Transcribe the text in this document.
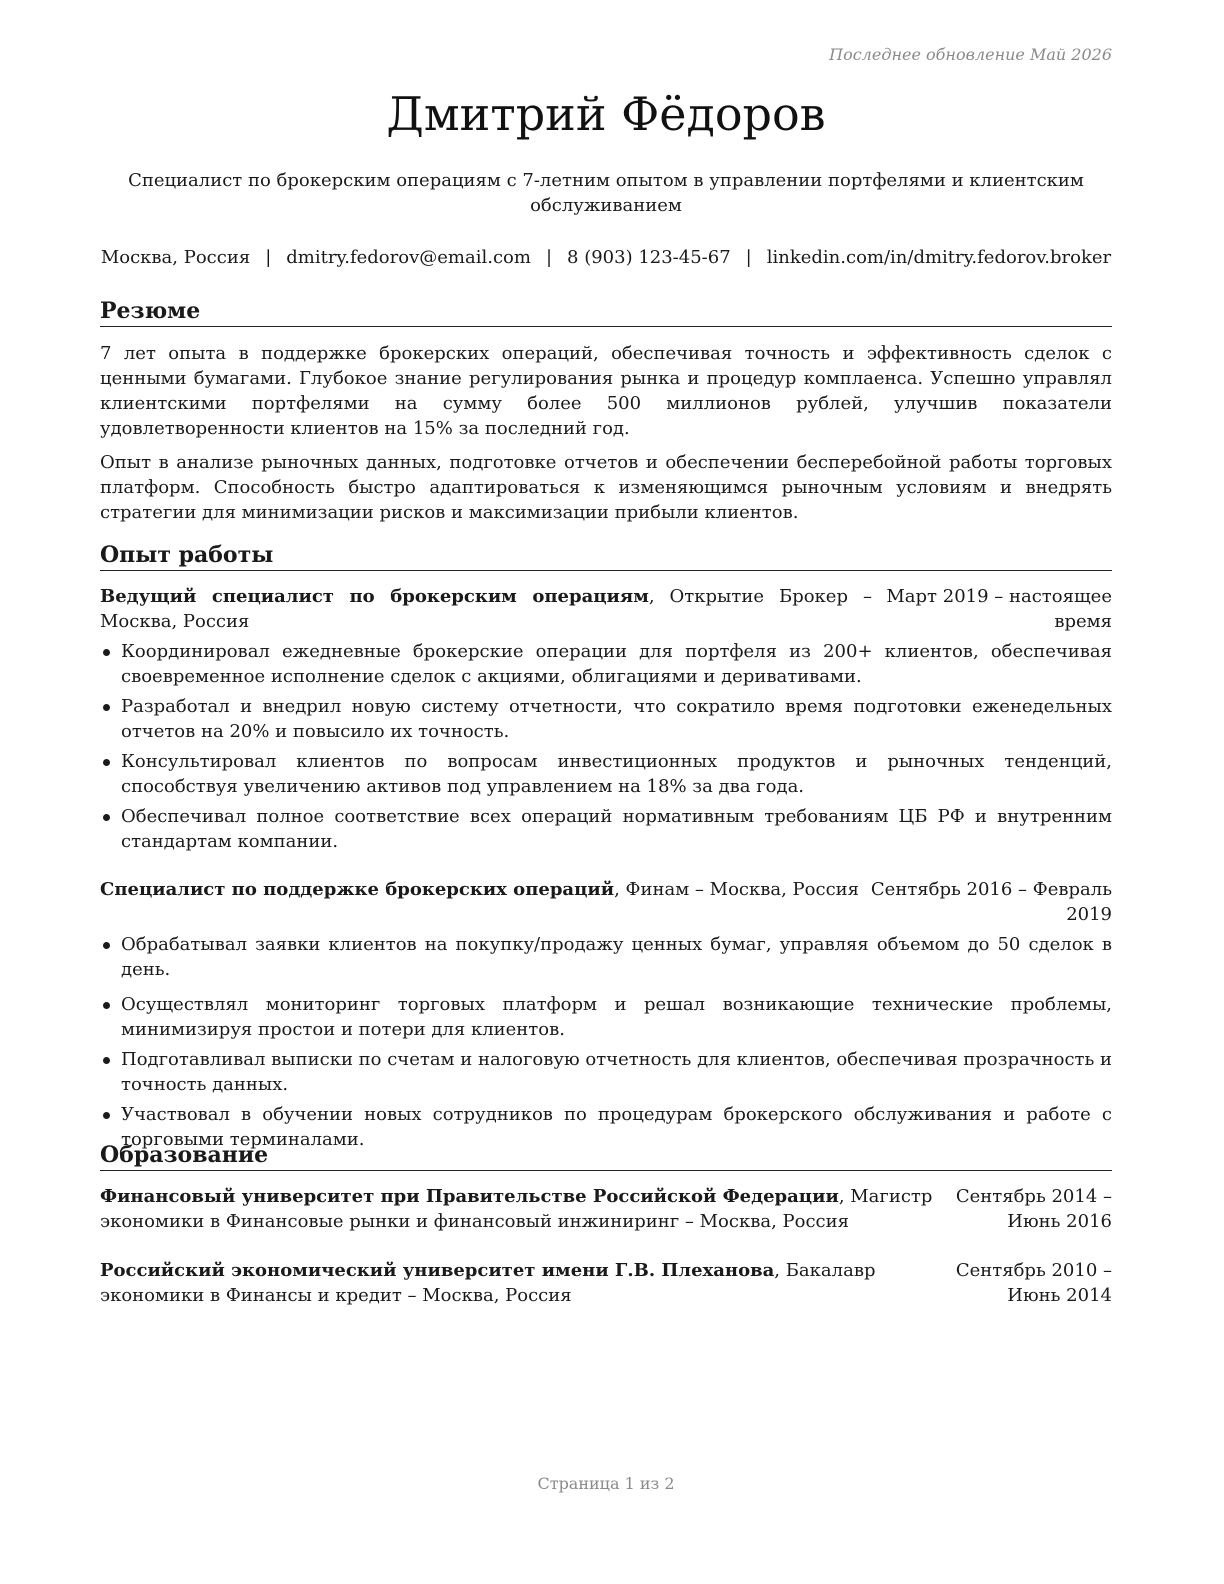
Последнее обновление Май 2026
Дмитрий Фёдоров
Специалист по брокерским операциям с 7-летним опытом в управлении портфелями и клиентским обслуживанием
Москва, Россия | dmitry.fedorov@email.com | 8 (903) 123-45-67 | linkedin.com/in/dmitry.fedorov.broker
Резюме
7 лет опыта в поддержке брокерских операций, обеспечивая точность и эффективность сделок с ценными бумагами. Глубокое знание регулирования рынка и процедур комплаенса. Успешно управлял клиентскими портфелями на сумму более 500 миллионов рублей, улучшив показатели удовлетворенности клиентов на 15% за последний год.
Опыт в анализе рыночных данных, подготовке отчетов и обеспечении бесперебойной работы торговых платформ. Способность быстро адаптироваться к изменяющимся рыночным условиям и внедрять стратегии для минимизации рисков и максимизации прибыли клиентов.
Опыт работы
Ведущий специалист по брокерским операциям, Открытие Брокер – Москва, Россия
Март 2019 – настоящее время
Координировал ежедневные брокерские операции для портфеля из 200+ клиентов, обеспечивая своевременное исполнение сделок с акциями, облигациями и деривативами.
Разработал и внедрил новую систему отчетности, что сократило время подготовки еженедельных отчетов на 20% и повысило их точность.
Консультировал клиентов по вопросам инвестиционных продуктов и рыночных тенденций, способствуя увеличению активов под управлением на 18% за два года.
Обеспечивал полное соответствие всех операций нормативным требованиям ЦБ РФ и внутренним стандартам компании.
Специалист по поддержке брокерских операций, Финам – Москва, Россия Сентябрь 2016 – Февраль 2019
Обрабатывал заявки клиентов на покупку/продажу ценных бумаг, управляя объемом до 50 сделок в день.
Осуществлял мониторинг торговых платформ и решал возникающие технические проблемы, минимизируя простои и потери для клиентов.
Подготавливал выписки по счетам и налоговую отчетность для клиентов, обеспечивая прозрачность и точность данных.
Участвовал в обучении новых сотрудников по процедурам брокерского обслуживания и работе с торговыми терминалами.
Образование
Финансовый университет при Правительстве Российской Федерации, Магистр экономики в Финансовые рынки и финансовый инжиниринг – Москва, Россия
Сентябрь 2014 – Июнь 2016
Российский экономический университет имени Г.В. Плеханова, Бакалавр экономики в Финансы и кредит – Москва, Россия
Сентябрь 2010 – Июнь 2014
Страница 1 из 2
